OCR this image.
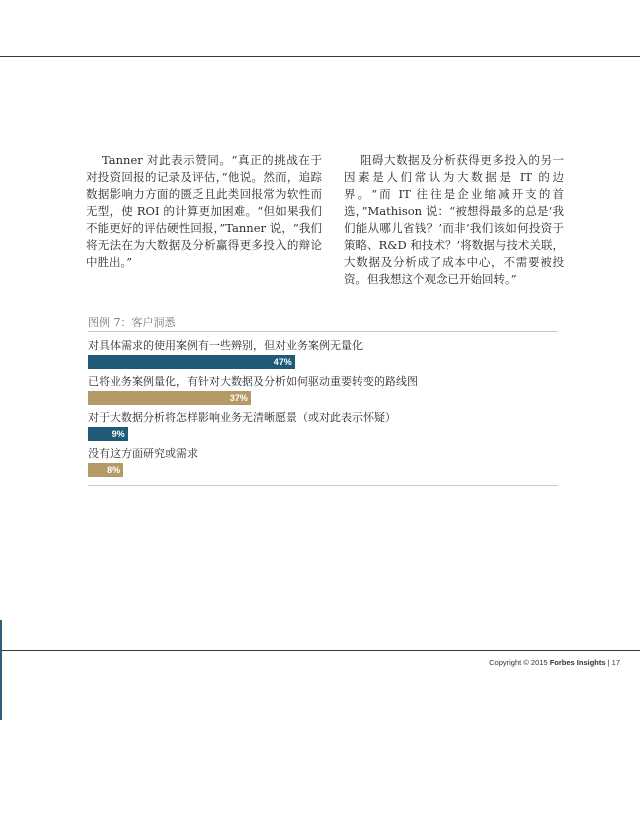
Tanner 对此表示赞同。“真正的挑战在于对投资回报的记录及评估，”他说。然而，追踪数据影响力方面的匮乏且此类回报常为软性而无型，使 ROI 的计算更加困难。“但如果我们不能更好的评估硬性回报，”Tanner 说，“我们将无法在为大数据及分析赢得更多投入的辩论中胜出。”

阻碍大数据及分析获得更多投入的另一因素是人们常认为大数据是 IT 的边界。“而 IT 往往是企业缩减开支的首选，”Mathison 说：“被想得最多的总是‘我们能从哪儿省钱？’而非‘我们该如何投资于策略、R&D 和技术？’将数据与技术关联，大数据及分析成了成本中心，不需要被投资。但我想这个观念已开始回转。”

图例 7：客户洞悉

对具体需求的使用案例有一些辨别，但对业务案例无量化
47%
已将业务案例量化，有针对大数据及分析如何驱动重要转变的路线图
37%
对于大数据分析将怎样影响业务无清晰愿景（或对此表示怀疑）
9%
没有这方面研究或需求
8%
Copyright © 2015 Forbes Insights | 17
